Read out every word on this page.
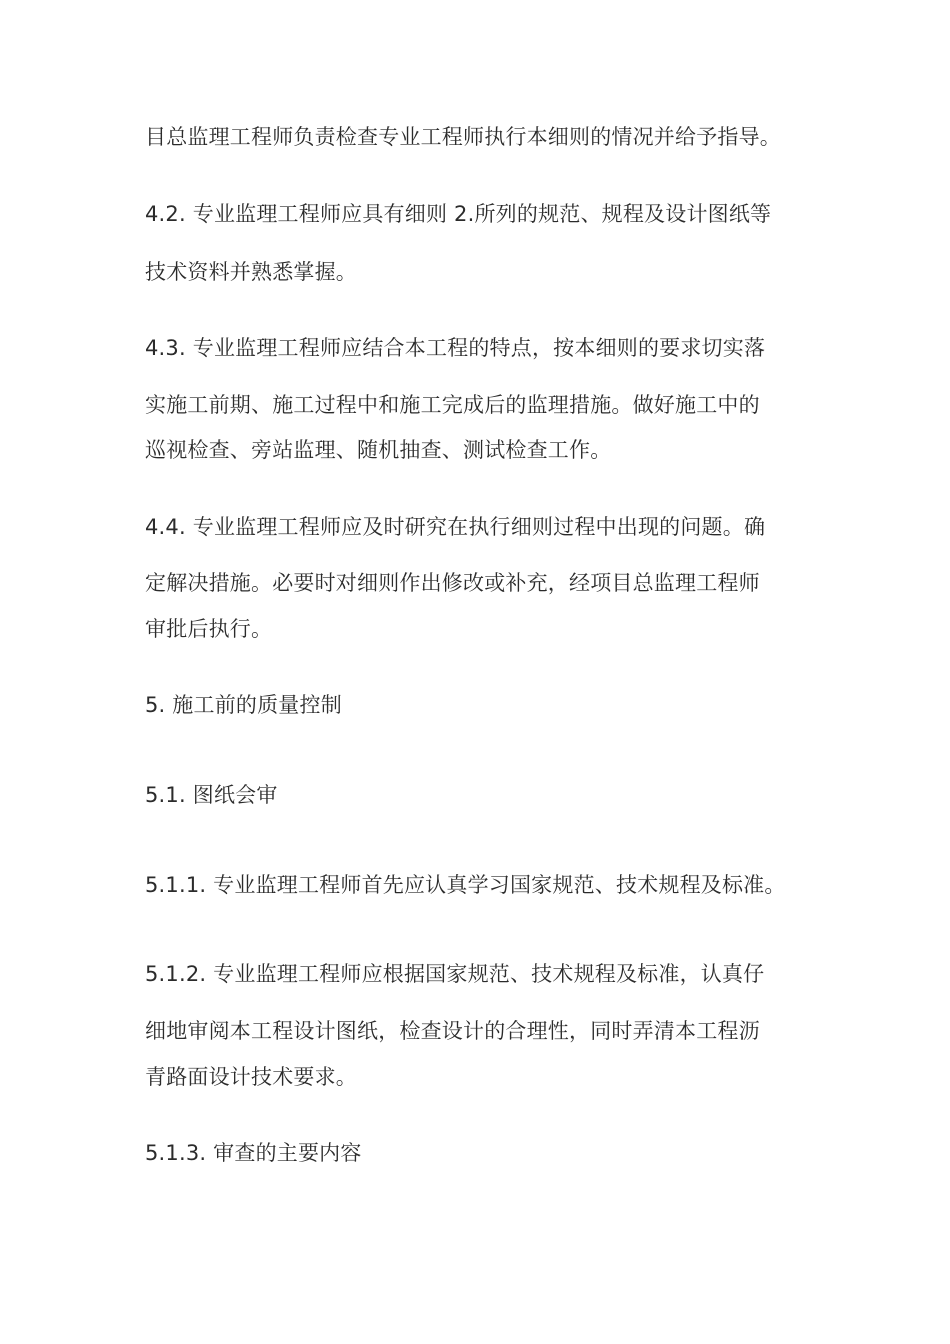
目总监理工程师负责检查专业工程师执行本细则的情况并给予指导。
4.2. 专业监理工程师应具有细则 2.所列的规范、规程及设计图纸等
技术资料并熟悉掌握。
4.3. 专业监理工程师应结合本工程的特点，按本细则的要求切实落
实施工前期、施工过程中和施工完成后的监理措施。做好施工中的
巡视检查、旁站监理、随机抽查、测试检查工作。
4.4. 专业监理工程师应及时研究在执行细则过程中出现的问题。确
定解决措施。必要时对细则作出修改或补充，经项目总监理工程师
审批后执行。
5. 施工前的质量控制
5.1. 图纸会审
5.1.1. 专业监理工程师首先应认真学习国家规范、技术规程及标准。
5.1.2. 专业监理工程师应根据国家规范、技术规程及标准，认真仔
细地审阅本工程设计图纸，检查设计的合理性，同时弄清本工程沥
青路面设计技术要求。
5.1.3. 审查的主要内容
